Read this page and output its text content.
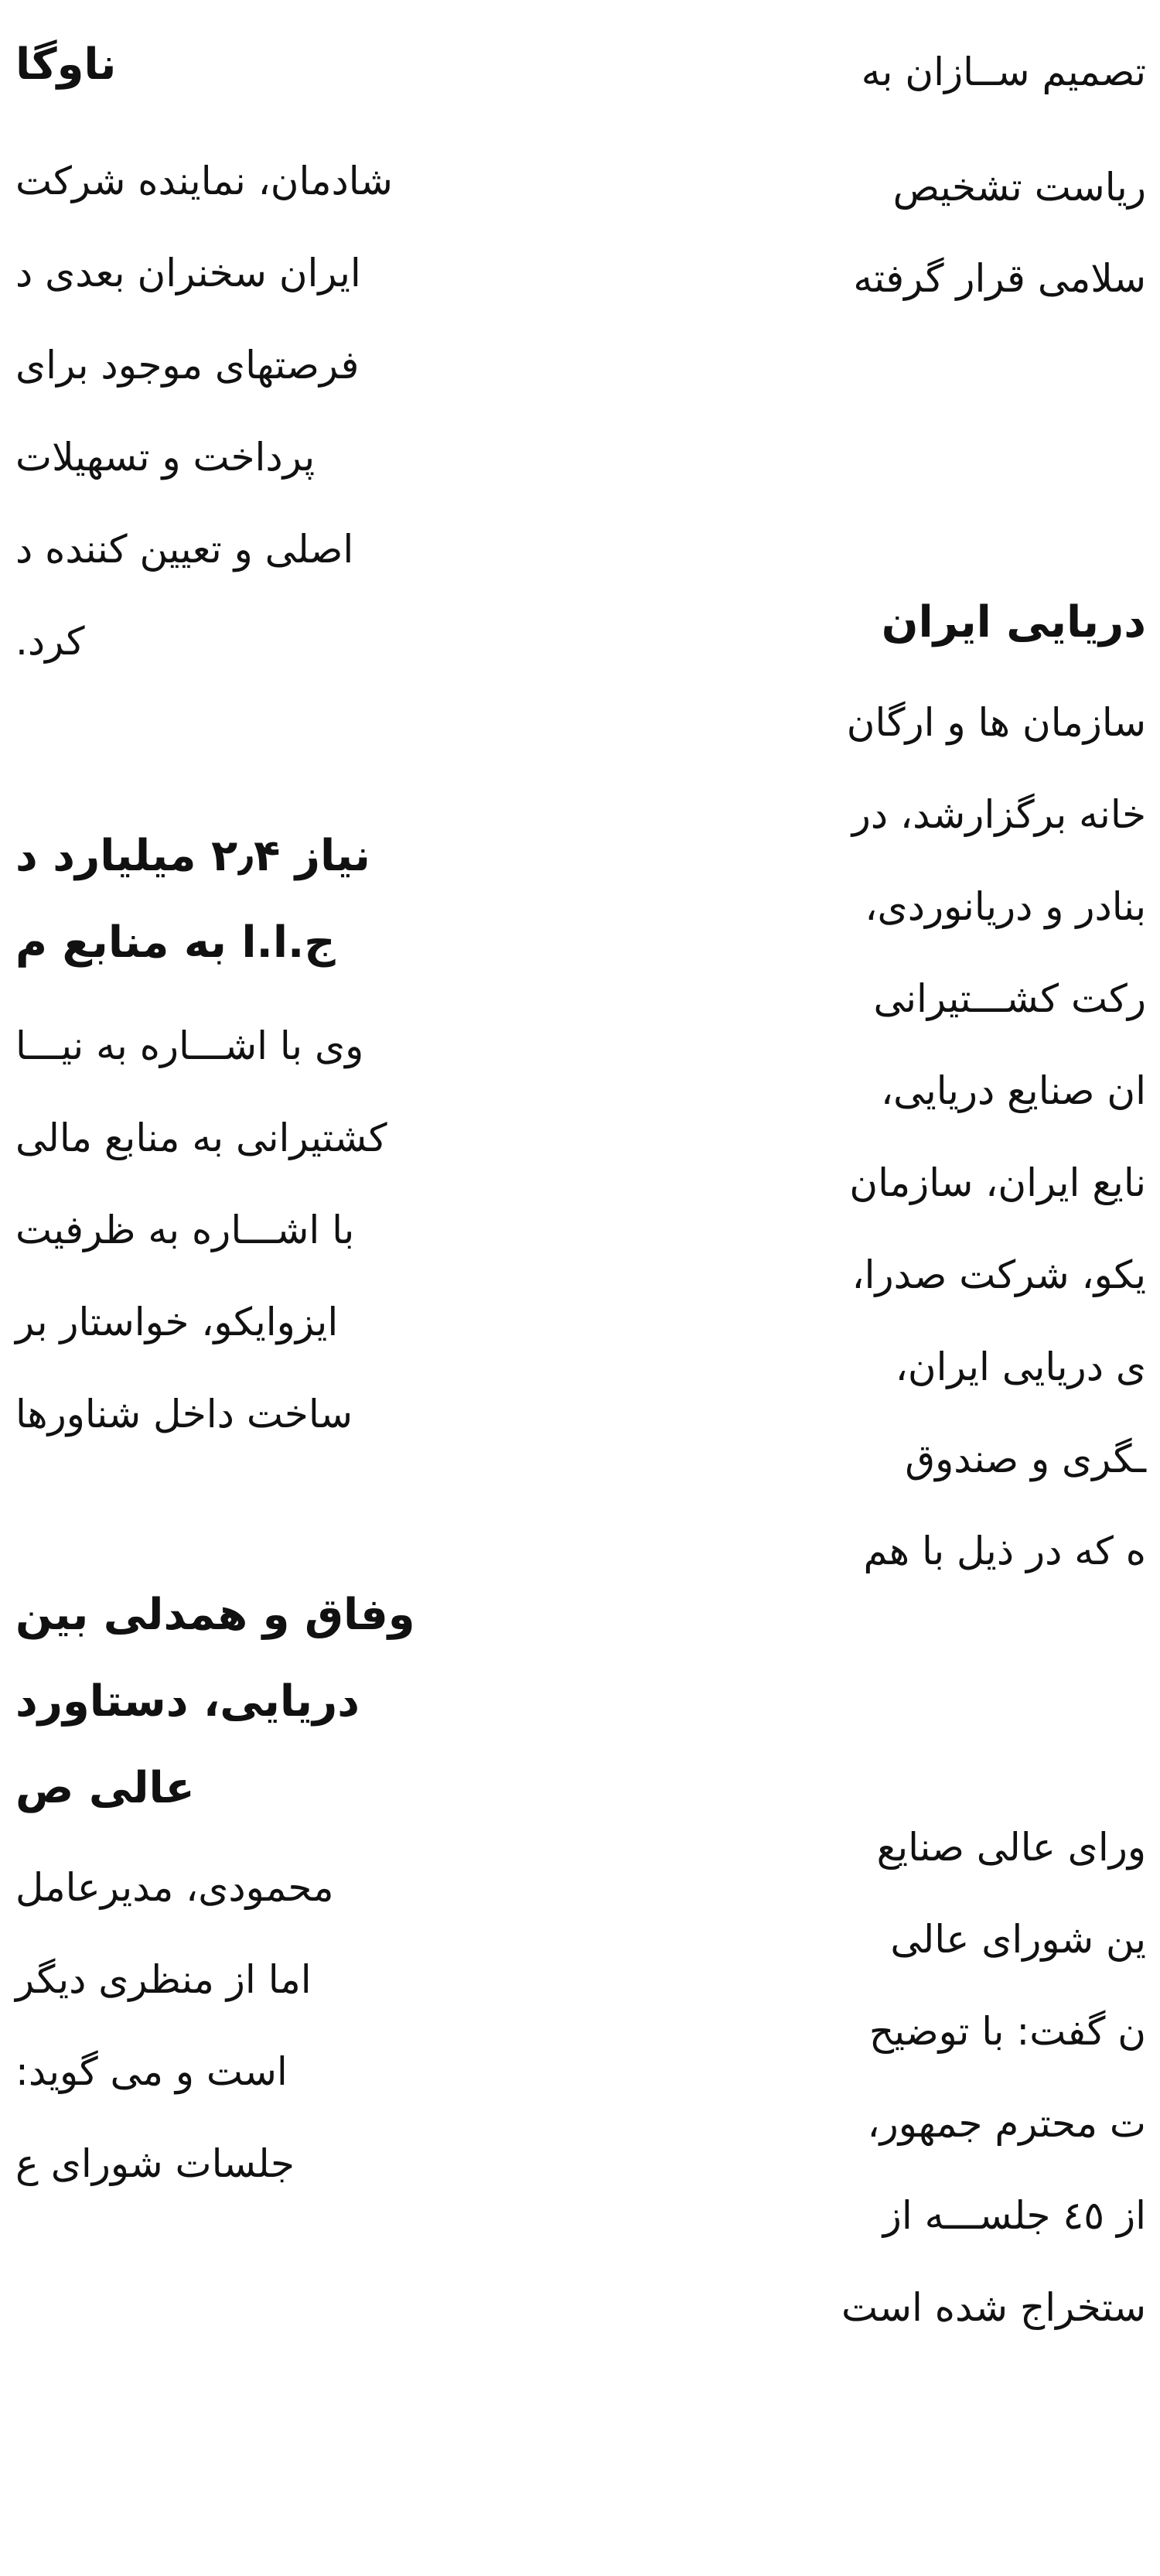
ناوگا
شادمان، نماینده شرکت
ایران سخنران بعدی د
فرصتهای موجود برای
پرداخت و تسهیلات
اصلی و تعیین کننده د
کرد.
نیاز ۲٫۴ میلیارد د
ج.ا.ا به منابع م
وی با اشـــاره به نیـــا
کشتیرانی به منابع مالی
با اشـــاره به ظرفیت
ایزوایکو، خواستار بر
ساخت داخل شناورها
وفاق و همدلی بین
دریایی، دستاورد
عالی ص
محمودی، مدیرعامل
اما از منظری دیگر
است و می گوید:
جلسات شورای ع
تصمیم ســازان به
ریاست تشخیص
سلامی قرار گرفته
دریایی ایران
سازمان ها و ارگان
خانه برگزارشد، در
بنادر و دریانوردی،
رکت کشـــتیرانی
ان صنایع دریایی،
نایع ایران، سازمان
یکو، شرکت صدرا،
ی دریایی ایران،
ـگری و صندوق
ه که در ذیل با هم
ورای عالی صنایع
ین شورای عالی
ن گفت: با توضیح
ت محترم جمهور،
از ٤٥ جلســـه از
ستخراج شده است
